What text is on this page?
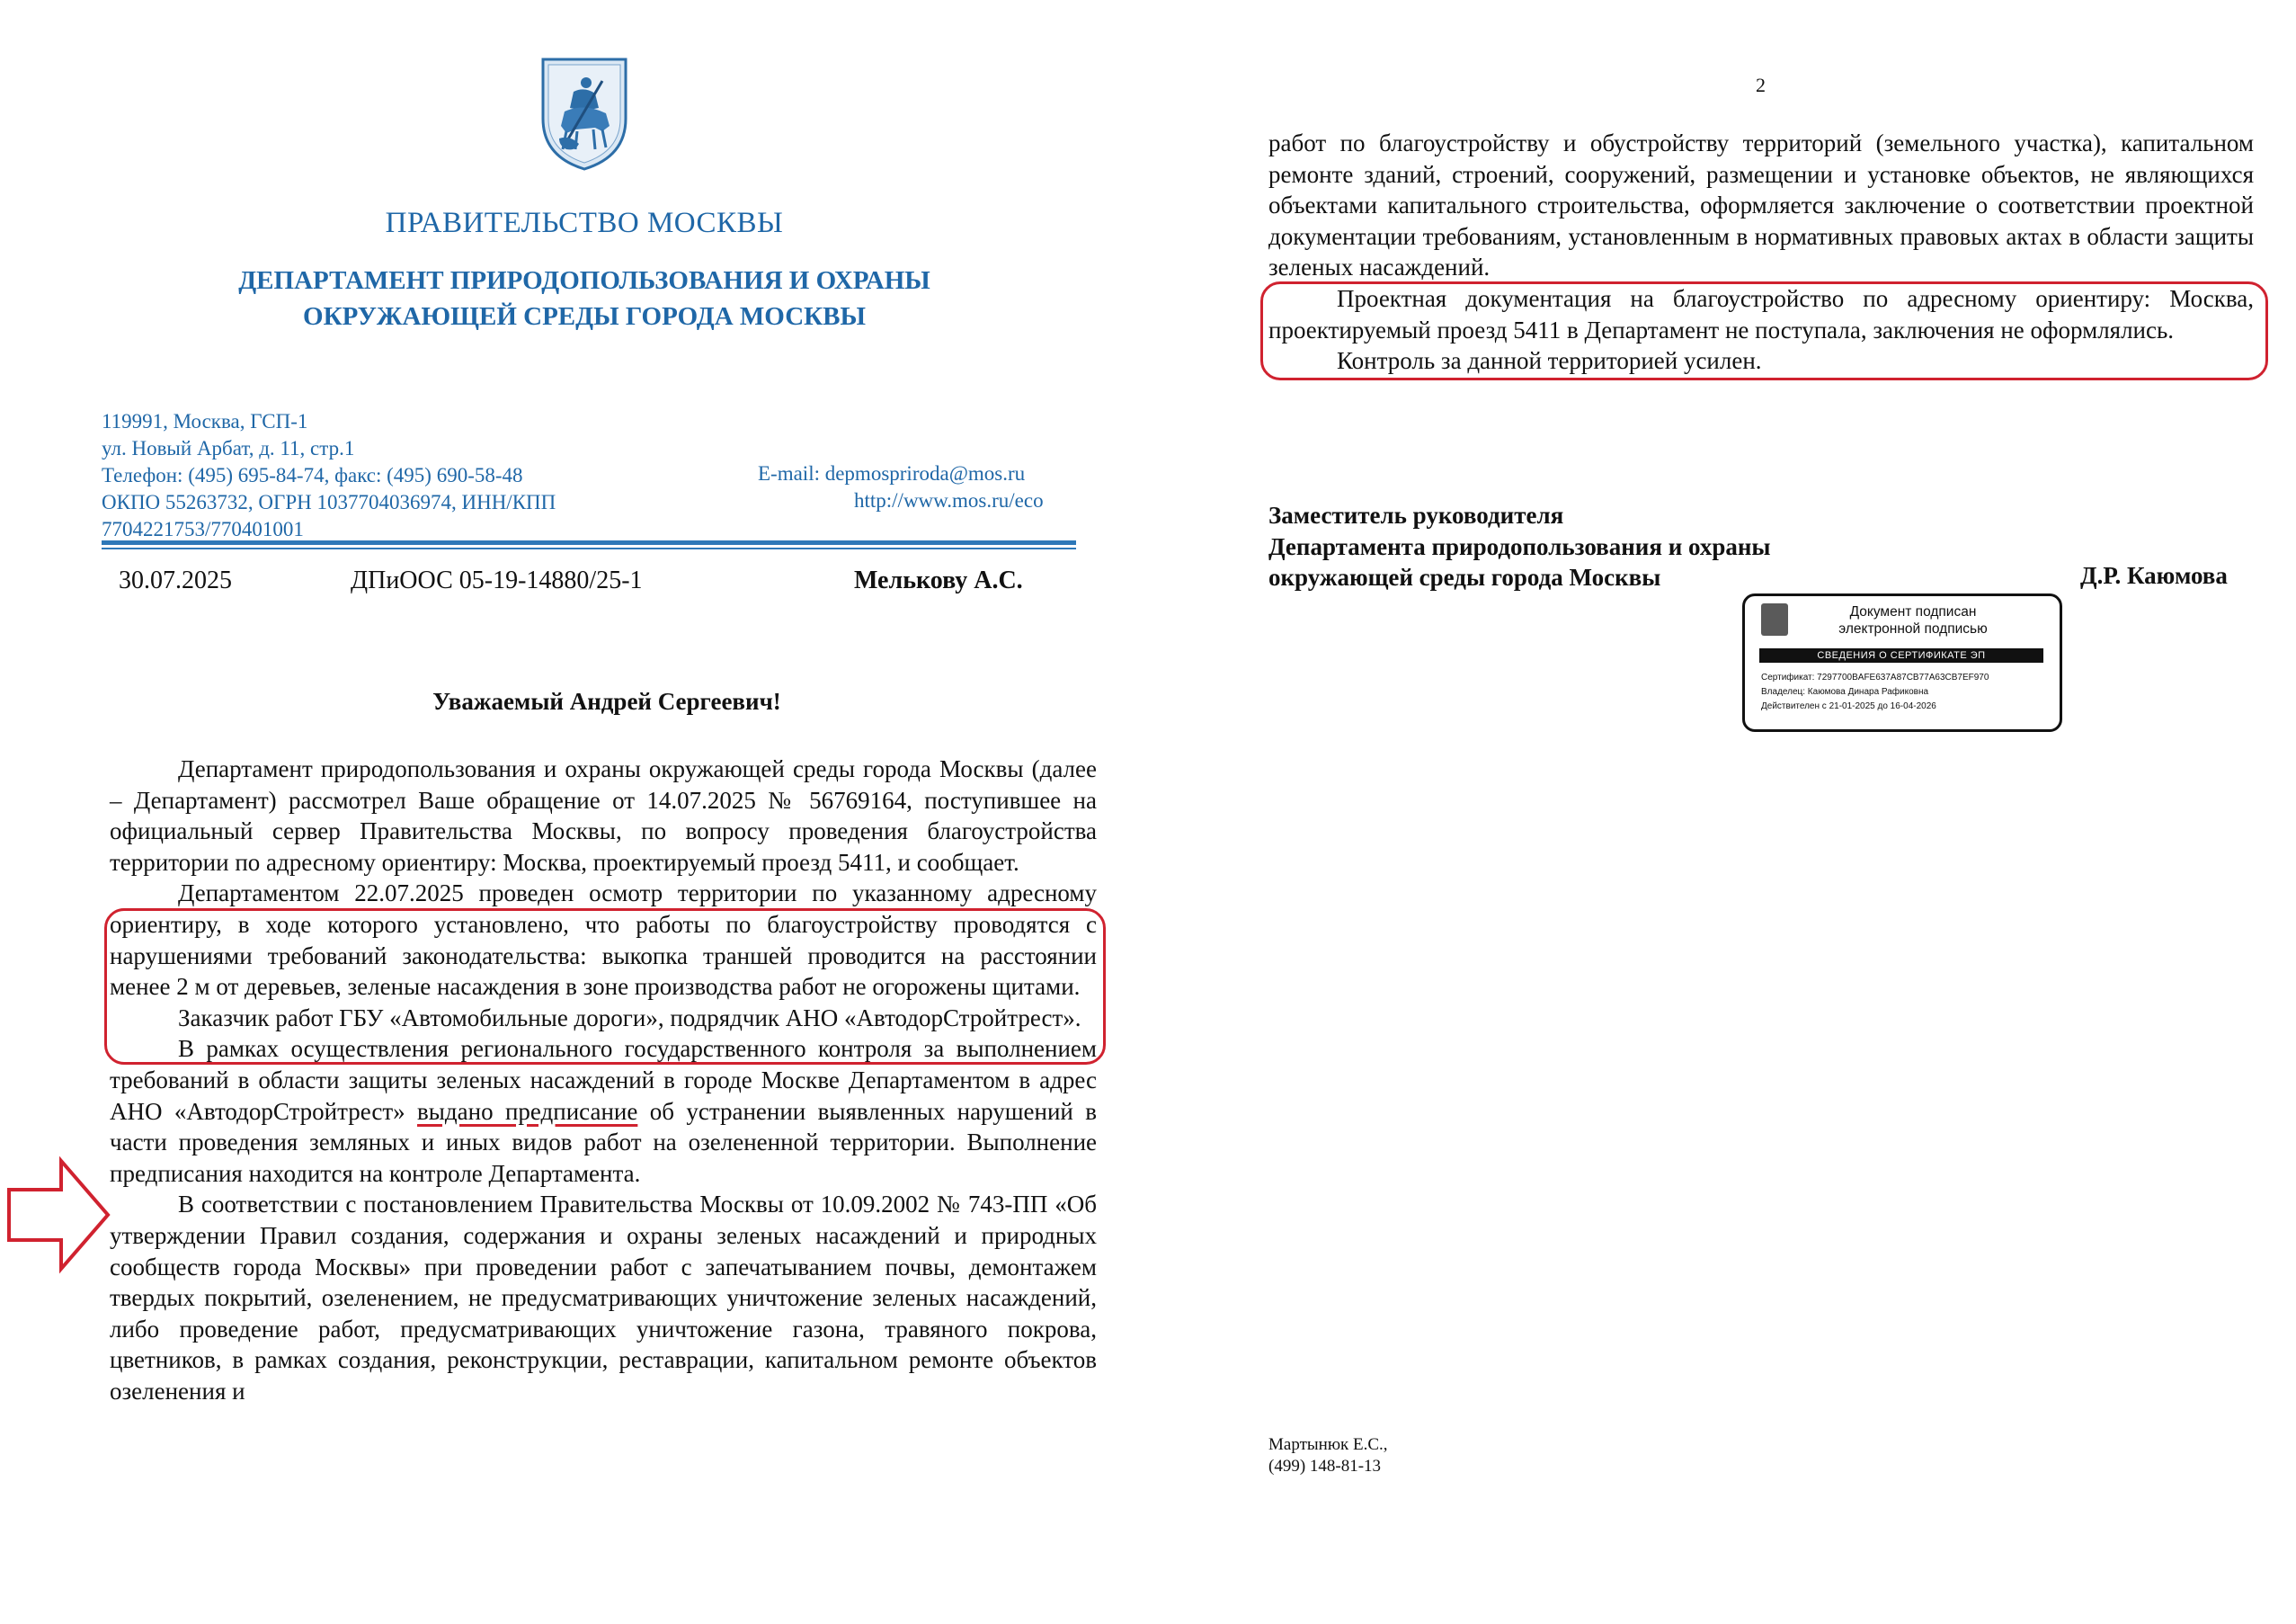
ПРАВИТЕЛЬСТВО МОСКВЫ
ДЕПАРТАМЕНТ ПРИРОДОПОЛЬЗОВАНИЯ И ОХРАНЫ
ОКРУЖАЮЩЕЙ СРЕДЫ ГОРОДА МОСКВЫ
119991, Москва, ГСП-1
ул. Новый Арбат, д. 11, стр.1
Телефон: (495) 695-84-74, факс: (495) 690-58-48
ОКПО 55263732, ОГРН 1037704036974, ИНН/КПП
7704221753/770401001
E-mail: depmospriroda@mos.ru
http://www.mos.ru/eco
30.07.2025	ДПиООС 05-19-14880/25-1	Мелькову А.С.
Уважаемый Андрей Сергеевич!

Департамент природопользования и охраны окружающей среды города Москвы (далее – Департамент) рассмотрел Ваше обращение от 14.07.2025 № 56769164, поступившее на официальный сервер Правительства Москвы, по вопросу проведения благоустройства территории по адресному ориентиру: Москва, проектируемый проезд 5411, и сообщает.

Департаментом 22.07.2025 проведен осмотр территории по указанному адресному ориентиру, в ходе которого установлено, что работы по благоустройству проводятся с нарушениями требований законодательства: выкопка траншей проводится на расстоянии менее 2 м от деревьев, зеленые насаждения в зоне производства работ не огорожены щитами.

Заказчик работ ГБУ «Автомобильные дороги», подрядчик АНО «АвтодорСтройтрест».

В рамках осуществления регионального государственного контроля за выполнением требований в области защиты зеленых насаждений в городе Москве Департаментом в адрес АНО «АвтодорСтройтрест» выдано предписание об устранении выявленных нарушений в части проведения земляных и иных видов работ на озелененной территории. Выполнение предписания находится на контроле Департамента.

В соответствии с постановлением Правительства Москвы от 10.09.2002 № 743-ПП «Об утверждении Правил создания, содержания и охраны зеленых насаждений и природных сообществ города Москвы» при проведении работ с запечатыванием почвы, демонтажем твердых покрытий, озеленением, не предусматривающих уничтожение зеленых насаждений, либо проведение работ, предусматривающих уничтожение газона, травяного покрова, цветников, в рамках создания, реконструкции, реставрации, капитальном ремонте объектов озеленения и

2

работ по благоустройству и обустройству территорий (земельного участка), капитальном ремонте зданий, строений, сооружений, размещении и установке объектов, не являющихся объектами капитального строительства, оформляется заключение о соответствии проектной документации требованиям, установленным в нормативных правовых актах в области защиты зеленых насаждений.

Проектная документация на благоустройство по адресному ориентиру: Москва, проектируемый проезд 5411 в Департамент не поступала, заключения не оформлялись.

Контроль за данной территорией усилен.

Заместитель руководителя
Департамента природопользования и охраны
окружающей среды города Москвы	Д.Р. Каюмова
Документ подписан
электронной подписью
СВЕДЕНИЯ О СЕРТИФИКАТЕ ЭП
Сертификат: 7297700BAFE637A87CB77A63CB7EF970
Владелец: Каюмова Динара Рафиковна
Действителен с 21-01-2025 до 16-04-2026
Мартынюк Е.С.,
(499) 148-81-13
